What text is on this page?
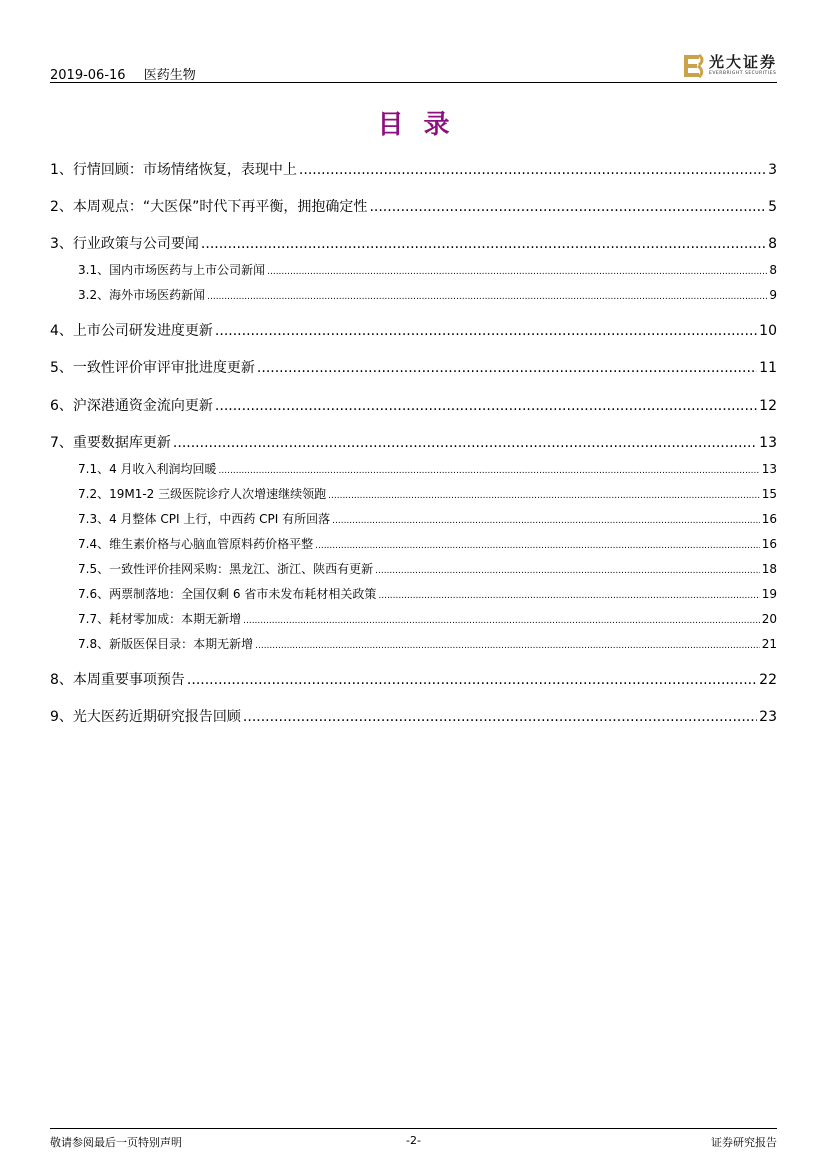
2019-06-16 医药生物
光大证券
EVERBRIGHT SECURITIES
目录
1、 行情回顾：市场情绪恢复，表现中上 .....	3
2、 本周观点：“大医保”时代下再平衡，拥抱确定性 .....	5
3、 行业政策与公司要闻 .....	8
3.1、 国内市场医药与上市公司新闻 .....	8
3.2、 海外市场医药新闻 .....	9
4、 上市公司研发进度更新 .....	10
5、 一致性评价审评审批进度更新 .....	11
6、 沪深港通资金流向更新 .....	12
7、 重要数据库更新 .....	13
7.1、 4 月收入利润均回暖 .....	13
7.2、 19M1-2 三级医院诊疗人次增速继续领跑 .....	15
7.3、 4 月整体 CPI 上行，中西药 CPI 有所回落 .....	16
7.4、 维生素价格与心脑血管原料药价格平整 .....	16
7.5、 一致性评价挂网采购：黑龙江、浙江、陕西有更新 .....	18
7.6、 两票制落地：全国仅剩 6 省市未发布耗材相关政策 .....	19
7.7、 耗材零加成：本期无新增 .....	20
7.8、 新版医保目录：本期无新增 .....	21
8、 本周重要事项预告 .....	22
9、 光大医药近期研究报告回顾 .....	23
敬请参阅最后一页特别声明	-2-	证券研究报告
